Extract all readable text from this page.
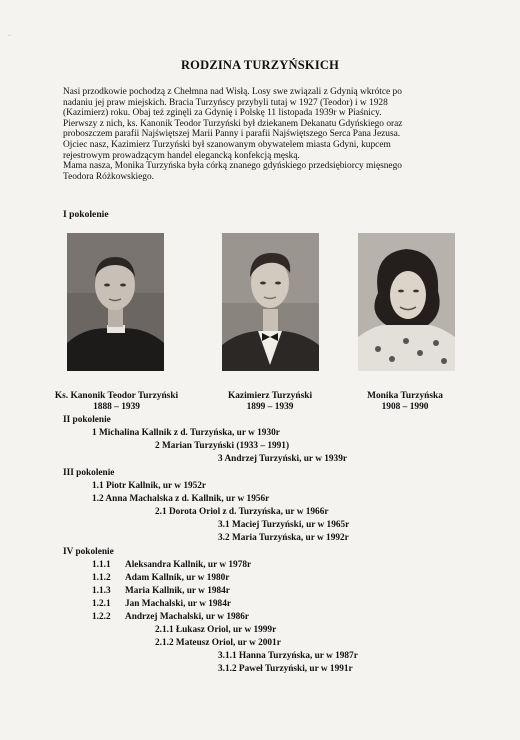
∙∙
RODZINA TURZYŃSKICH
Nasi przodkowie pochodzą z Chełmna nad Wisłą. Losy swe związali z Gdynią wkrótce po
nadaniu jej praw miejskich. Bracia Turzyńscy przybyli tutaj w 1927 (Teodor) i w 1928
(Kazimierz) roku. Obaj też zginęli za Gdynię i Polskę 11 listopada 1939r w Piaśnicy.
Pierwszy z nich, ks. Kanonik Teodor Turzyński był dziekanem Dekanatu Gdyńskiego oraz
proboszczem parafii Najświętszej Marii Panny i parafii Najświętszego Serca Pana Jezusa.
Ojciec nasz, Kazimierz Turzyński był szanowanym obywatelem miasta Gdyni, kupcem
rejestrowym prowadzącym handel elegancką konfekcją męską.
Mama nasza, Monika Turzyńska była córką znanego gdyńskiego przedsiębiorcy mięsnego
Teodora Różkowskiego.
I pokolenie
Ks. Kanonik Teodor Turzyński
1888 – 1939
Kazimierz Turzyński
1899 – 1939
Monika Turzyńska
1908 – 1990
II pokolenie
1 Michalina Kallnik z d. Turzyńska, ur w 1930r
2 Marian Turzyński (1933 – 1991)
3 Andrzej Turzyński, ur w 1939r
III pokolenie
1.1 Piotr Kallnik, ur w 1952r
1.2 Anna Machalska z d. Kallnik, ur w 1956r
2.1 Dorota Oriol z d. Turzyńska, ur w 1966r
3.1 Maciej Turzyński, ur w 1965r
3.2 Maria Turzyńska, ur w 1992r
IV pokolenie
1.1.1 Aleksandra Kallnik, ur w 1978r
1.1.2 Adam Kallnik, ur w 1980r
1.1.3 Maria Kallnik, ur w 1984r
1.2.1 Jan Machalski, ur w 1984r
1.2.2 Andrzej Machalski, ur w 1986r
2.1.1 Łukasz Oriol, ur w 1999r
2.1.2 Mateusz Oriol, ur w 2001r
3.1.1 Hanna Turzyńska, ur w 1987r
3.1.2 Paweł Turzyński, ur w 1991r
